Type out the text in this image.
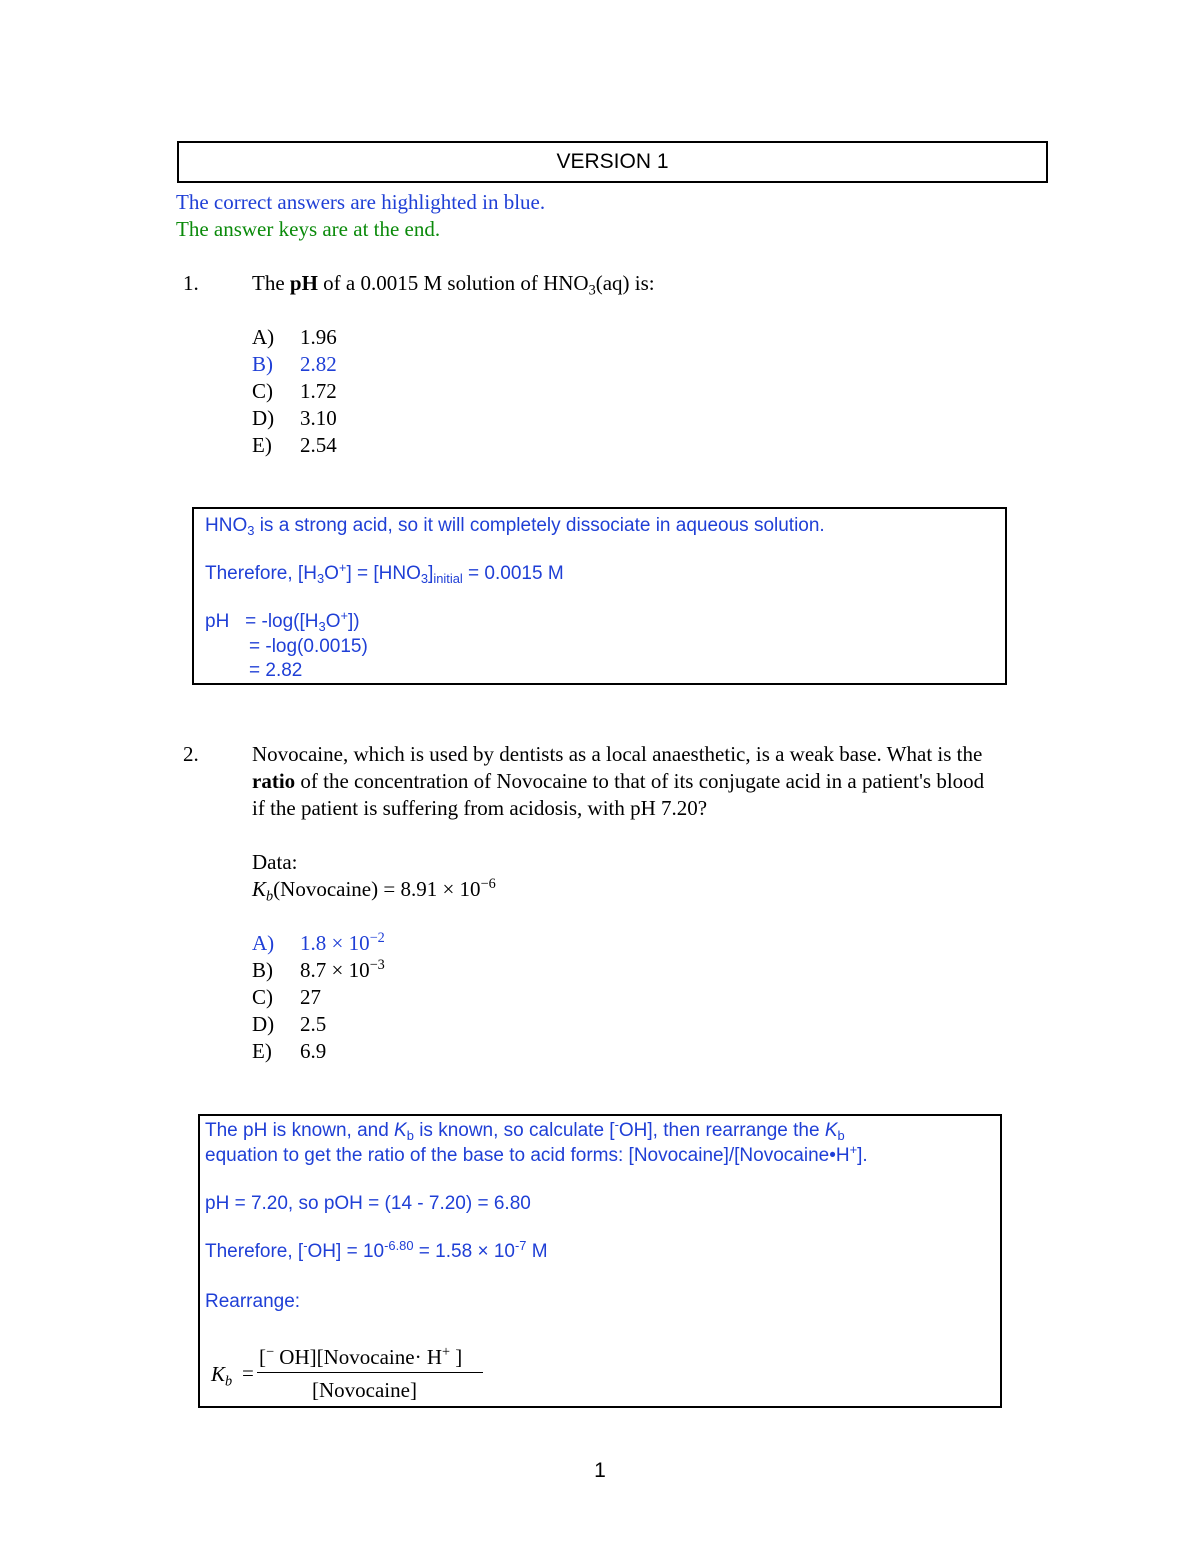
VERSION 1
The correct answers are highlighted in blue.
The answer keys are at the end.
1.	The pH of a 0.0015 M solution of $HNO_3(aq)$ is:
A) 1.96
B) 2.82
C) 1.72
D) 3.10
E) 2.54
$HNO_3$ is a strong acid, so it will completely dissociate in aqueous solution.
Therefore, $[H_3O^+] = [HNO_3]_{initial} = 0.0015$ M
pH   = $-\log([H_3O^+])$
= -log(0.0015)
= 2.82
2.	Novocaine, which is used by dentists as a local anaesthetic, is a weak base. What is the
ratio of the concentration of Novocaine to that of its conjugate acid in a patient's blood
if the patient is suffering from acidosis, with pH 7.20?
Data:
$K_b(Novocaine) = 8.91 \times 10^{-6}$
A) $1.8 \times 10^{-2}$
B) $8.7 \times 10^{-3}$
C) 27
D) 2.5
E) 6.9
The pH is known, and $K_b$ is known, so calculate [-OH], then rearrange the $K_b$
equation to get the ratio of the base to acid forms: [Novocaine]/[Novocaine•H+].
pH = 7.20, so pOH = (14 - 7.20) = 6.80
Therefore, $[^-OH] = 10^{-6.80} = 1.58 \times 10^{-7}$ M
Rearrange:
$K_b$ =
[− OH][Novocaine· H+ ]
[Novocaine]
1
